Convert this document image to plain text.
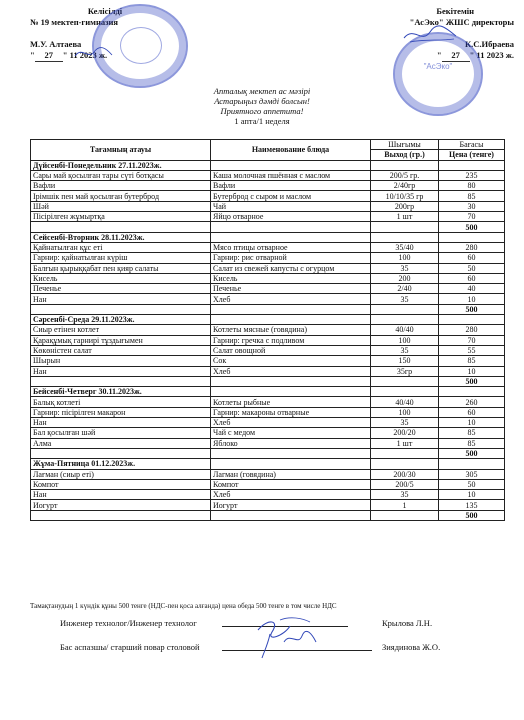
Келісілді
№ 19 мектеп-гимназия
М.У. Алтаева
" 27 " 11 2023 ж.
Бекітемін
"АсЭко" ЖШС директоры
К.С.Ибраева
" 27 " 11 2023 ж.
"АсЭко"
Апталық мектеп ас мәзірі
Астарыңыз дәмді болсын!
Приятного аппетита!
1 апта/1 неделя
Тағамның атауы	Наименование блюда	Шығымы	Бағасы
		Выход (гр.)	Цена (тенге)
Дүйсенбі-Понедельник 27.11.2023ж.			
Сары май қосылған тары сүті ботқасы	Каша молочная пшённая с маслом	200/5 гр.	235
Вафли	Вафли	2/40гр	80
Ірімшік пен май қосылған бутерброд	Бутерброд с сыром и маслом	10/10/35 гр	85
Шәй	Чай	200гр	30
Пісірілген жұмыртқа	Яйцо отварное	1 шт	70
			500
Сейсенбі-Вторник 28.11.2023ж.			
Қайнатылған құс еті	Мясо птицы отварное	35/40	280
Гарнир: қайнатылған күріш	Гарнир: рис отварной	100	60
Балғын қырыққабат пен қияр салаты	Салат из свежей капусты с огурцом	35	50
Кисель	Кисель	200	60
Печенье	Печенье	2/40	40
Нан	Хлеб	35	10
			500
Сәрсенбі-Среда 29.11.2023ж.			
Сиыр етінен котлет	Котлеты мясные (говядина)	40/40	280
Қарақұмық гарнирі тұздығымен	Гарнир: гречка с подливом	100	70
Көкөністен салат	Салат овощной	35	55
Шырын	Сок	150	85
Нан	Хлеб	35гр	10
			500
Бейсенбі-Четверг 30.11.2023ж.			
Балық котлеті	Котлеты рыбные	40/40	260
Гарнир: пісірілген макарон	Гарнир: макароны отварные	100	60
Нан	Хлеб	35	10
Бал қосылған шәй	Чай с медом	200/20	85
Алма	Яблоко	1 шт	85
			500
Жұма-Пятница 01.12.2023ж.			
Лағман (сиыр еті)	Лагман (говядина)	200/30	305
Компот	Компот	200/5	50
Нан	Хлеб	35	10
Иогурт	Иогурт	1	135
			500
Тамақтанудың 1 күндік құны 500 тенге (НДС-пен қоса алғанда) цена обеда 500 тенге в том числе НДС
Инженер технолог/Инженер технолог	Крылова Л.Н.
Бас аспазшы/ старший повар столовой	Зиядинова Ж.О.
